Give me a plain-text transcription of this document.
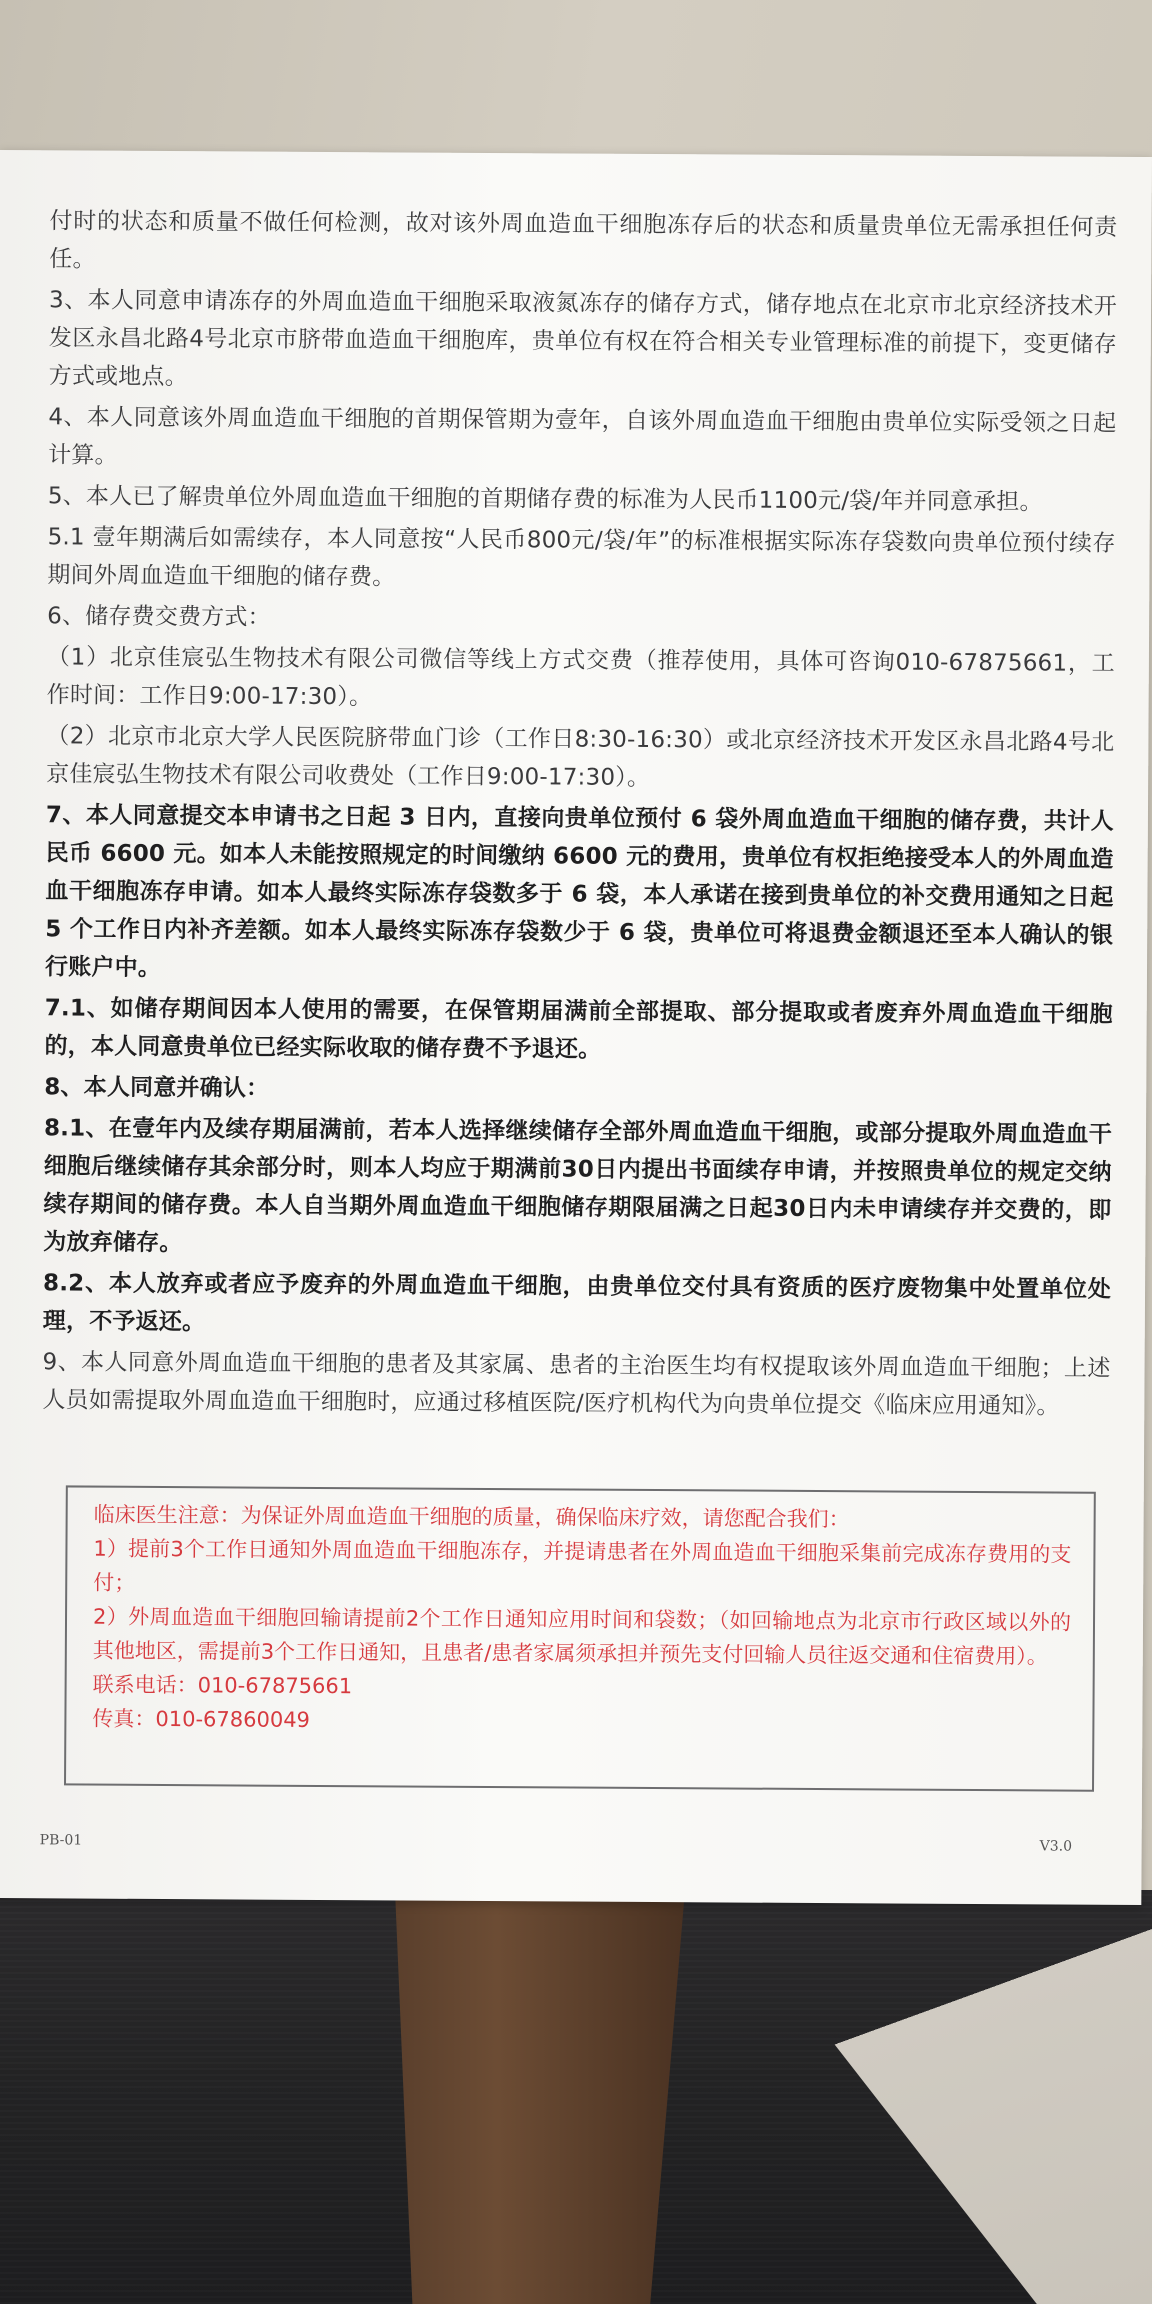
付时的状态和质量不做任何检测，故对该外周血造血干细胞冻存后的状态和质量贵单位无需承担任何责任。

3、本人同意申请冻存的外周血造血干细胞采取液氮冻存的储存方式，储存地点在北京市北京经济技术开发区永昌北路4号北京市脐带血造血干细胞库，贵单位有权在符合相关专业管理标准的前提下，变更储存方式或地点。

4、本人同意该外周血造血干细胞的首期保管期为壹年，自该外周血造血干细胞由贵单位实际受领之日起计算。

5、本人已了解贵单位外周血造血干细胞的首期储存费的标准为人民币1100元/袋/年并同意承担。

5.1 壹年期满后如需续存，本人同意按“人民币800元/袋/年”的标准根据实际冻存袋数向贵单位预付续存期间外周血造血干细胞的储存费。

6、储存费交费方式：

（1）北京佳宸弘生物技术有限公司微信等线上方式交费（推荐使用，具体可咨询010-67875661，工作时间：工作日9:00-17:30）。

（2）北京市北京大学人民医院脐带血门诊（工作日8:30-16:30）或北京经济技术开发区永昌北路4号北京佳宸弘生物技术有限公司收费处（工作日9:00-17:30）。

7、本人同意提交本申请书之日起 3 日内，直接向贵单位预付 6 袋外周血造血干细胞的储存费，共计人民币 6600 元。如本人未能按照规定的时间缴纳 6600 元的费用，贵单位有权拒绝接受本人的外周血造血干细胞冻存申请。如本人最终实际冻存袋数多于 6 袋，本人承诺在接到贵单位的补交费用通知之日起 5 个工作日内补齐差额。如本人最终实际冻存袋数少于 6 袋，贵单位可将退费金额退还至本人确认的银行账户中。

7.1、如储存期间因本人使用的需要，在保管期届满前全部提取、部分提取或者废弃外周血造血干细胞的，本人同意贵单位已经实际收取的储存费不予退还。

8、本人同意并确认：

8.1、在壹年内及续存期届满前，若本人选择继续储存全部外周血造血干细胞，或部分提取外周血造血干细胞后继续储存其余部分时，则本人均应于期满前30日内提出书面续存申请，并按照贵单位的规定交纳续存期间的储存费。本人自当期外周血造血干细胞储存期限届满之日起30日内未申请续存并交费的，即为放弃储存。

8.2、本人放弃或者应予废弃的外周血造血干细胞，由贵单位交付具有资质的医疗废物集中处置单位处理，不予返还。

9、本人同意外周血造血干细胞的患者及其家属、患者的主治医生均有权提取该外周血造血干细胞；上述人员如需提取外周血造血干细胞时，应通过移植医院/医疗机构代为向贵单位提交《临床应用通知》。

临床医生注意：为保证外周血造血干细胞的质量，确保临床疗效，请您配合我们：

1）提前3个工作日通知外周血造血干细胞冻存，并提请患者在外周血造血干细胞采集前完成冻存费用的支付；

2）外周血造血干细胞回输请提前2个工作日通知应用时间和袋数；（如回输地点为北京市行政区域以外的其他地区，需提前3个工作日通知，且患者/患者家属须承担并预先支付回输人员往返交通和住宿费用）。

联系电话：010-67875661

传真：010-67860049

PB-01	V3.0
